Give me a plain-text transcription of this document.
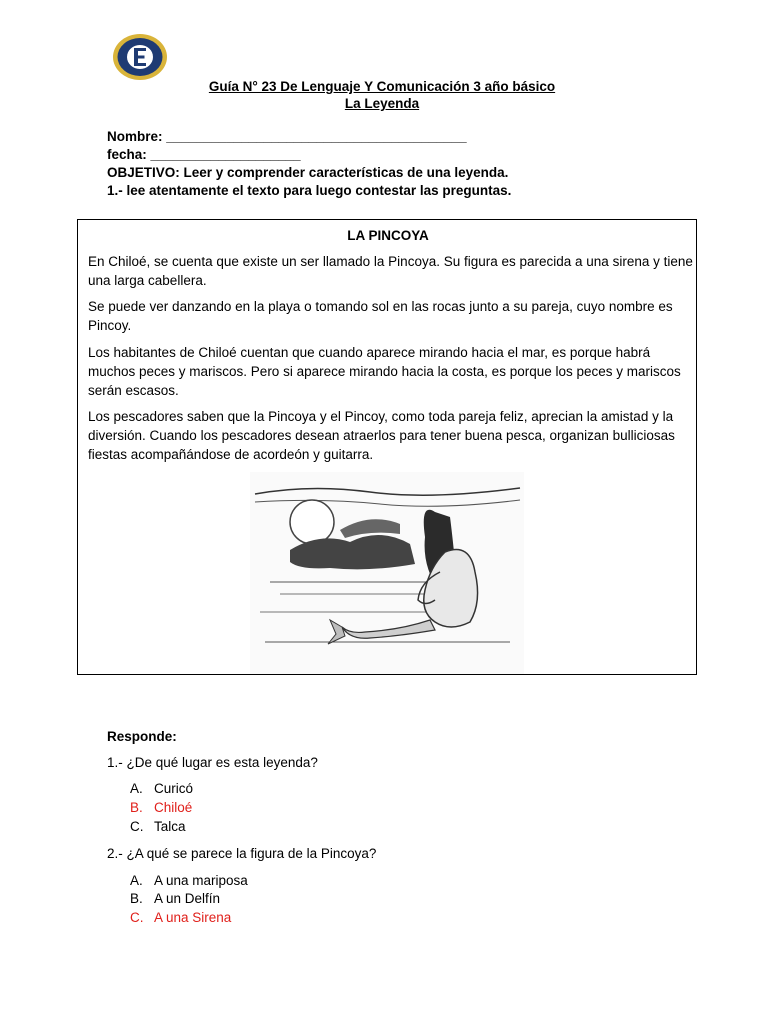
Guía N° 23 De Lenguaje Y Comunicación 3 año básico
La Leyenda
Nombre: ________________________________________
fecha: ____________________
OBJETIVO: Leer y comprender características de una leyenda.
1.- lee atentamente el texto para luego contestar las preguntas.
LA PINCOYA
En Chiloé, se cuenta que existe un ser llamado la Pincoya. Su figura es parecida a una sirena y tiene una larga cabellera.
Se puede ver danzando en la playa o tomando sol en las rocas junto a su pareja, cuyo nombre es Pincoy.
Los habitantes de Chiloé cuentan que cuando aparece mirando hacia el mar, es porque habrá muchos peces y mariscos. Pero si aparece mirando hacia la costa, es porque los peces y mariscos serán escasos.
Los pescadores saben que la Pincoya y el Pincoy, como toda pareja feliz, aprecian la amistad y la diversión. Cuando los pescadores desean atraerlos para tener buena pesca, organizan bulliciosas fiestas acompañándose de acordeón y guitarra.
Responde:
1.- ¿De qué lugar es esta leyenda?
A. Curicó
B. Chiloé
C. Talca
2.- ¿A qué se parece la figura de la Pincoya?
A. A una mariposa
B. A un Delfín
C. A una Sirena
